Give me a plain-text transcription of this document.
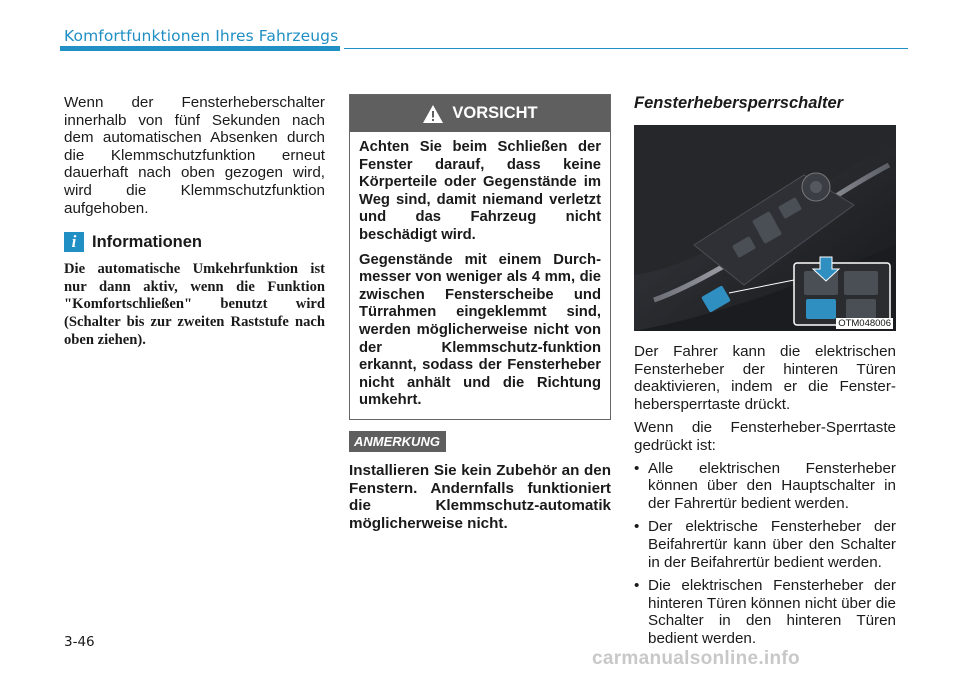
Komfortfunktionen Ihres Fahrzeugs

Wenn der Fensterheberschalter innerhalb von fünf Sekunden nach dem automatischen Absenken durch die Klemmschutzfunktion erneut dauerhaft nach oben gezogen wird, wird die Klemmschutzfunktion aufgehoben.

i Informationen

Die automatische Umkehrfunktion ist nur dann aktiv, wenn die Funktion "Komfortschließen" benutzt wird (Schalter bis zur zweiten Raststufe nach oben ziehen).

VORSICHT

Achten Sie beim Schließen der Fenster darauf, dass keine Körperteile oder Gegenstände im Weg sind, damit niemand verletzt und das Fahrzeug nicht beschädigt wird.

Gegenstände mit einem Durch-messer von weniger als 4 mm, die zwischen Fensterscheibe und Türrahmen eingeklemmt sind, werden möglicherweise nicht von der Klemmschutz-funktion erkannt, sodass der Fensterheber nicht anhält und die Richtung umkehrt.

ANMERKUNG

Installieren Sie kein Zubehör an den Fenstern. Andernfalls funktioniert die Klemmschutz-automatik möglicherweise nicht.

Fensterhebersperrschalter

OTM048006

Der Fahrer kann die elektrischen Fensterheber der hinteren Türen deaktivieren, indem er die Fenster-hebersperrtaste drückt.

Wenn die Fensterheber-Sperrtaste gedrückt ist:

• Alle elektrischen Fensterheber können über den Hauptschalter in der Fahrertür bedient werden.
• Der elektrische Fensterheber der Beifahrertür kann über den Schalter in der Beifahrertür bedient werden.
• Die elektrischen Fensterheber der hinteren Türen können nicht über die Schalter in den hinteren Türen bedient werden.
3-46
carmanualsonline.info
